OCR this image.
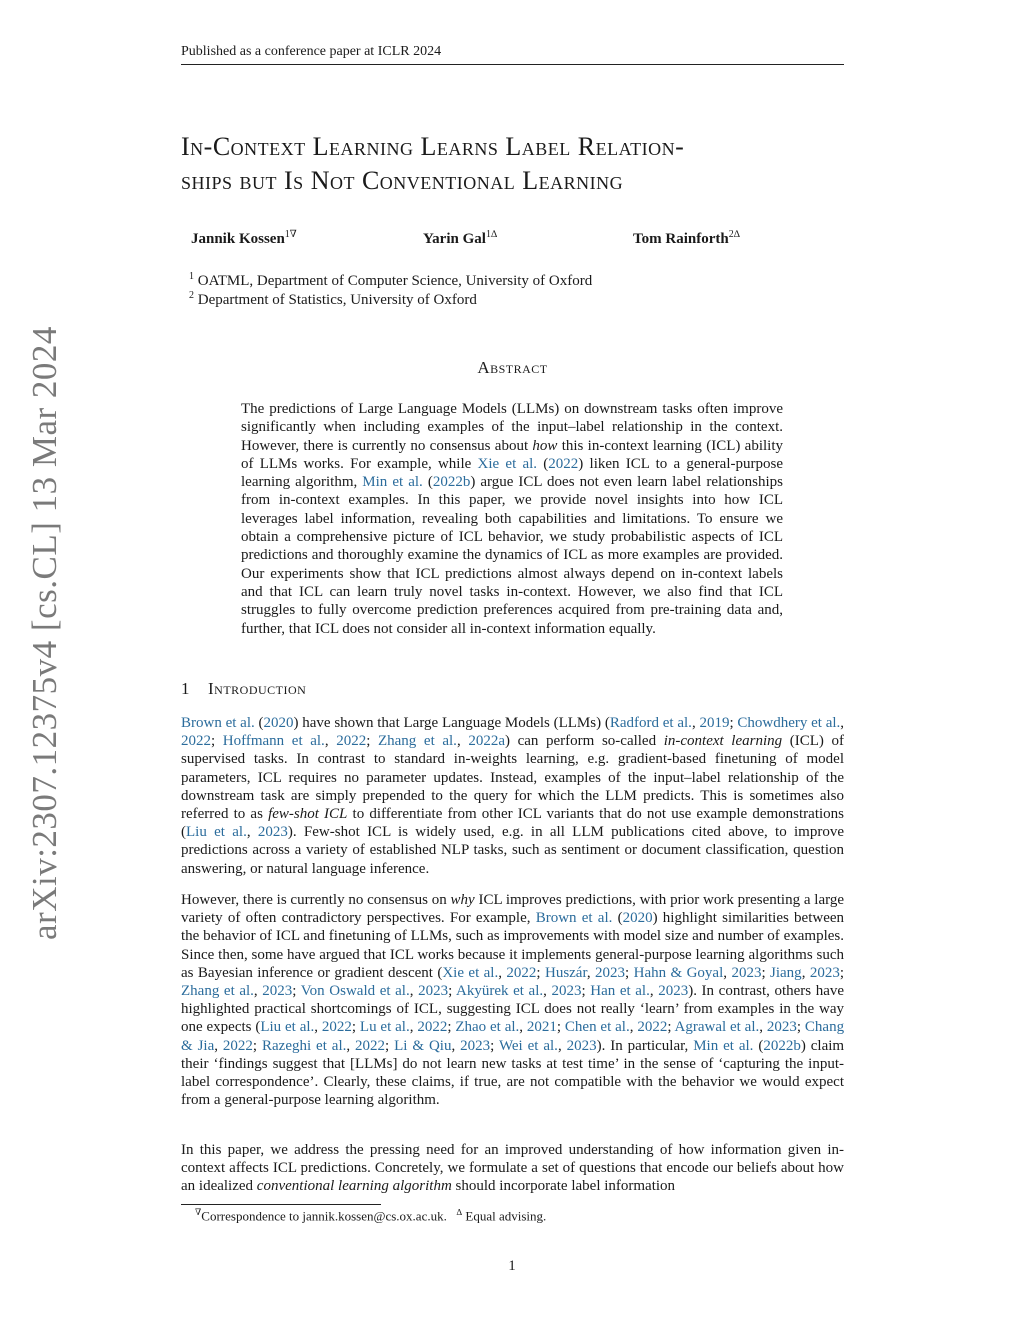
Published as a conference paper at ICLR 2024
In-Context Learning Learns Label Relation-
ships but Is Not Conventional Learning
Jannik Kossen$^{1\nabla}$	Yarin Gal$^{1\Delta}$	Tom Rainforth$^{2\Delta}$
$^1$ OATML, Department of Computer Science, University of Oxford
$^2$ Department of Statistics, University of Oxford
Abstract

The predictions of Large Language Models (LLMs) on downstream tasks often improve significantly when including examples of the input–label relationship in the context. However, there is currently no consensus about how this in-context learning (ICL) ability of LLMs works. For example, while Xie et al. (2022) liken ICL to a general-purpose learning algorithm, Min et al. (2022b) argue ICL does not even learn label relationships from in-context examples. In this paper, we provide novel insights into how ICL leverages label information, revealing both capabilities and limitations. To ensure we obtain a comprehensive picture of ICL behavior, we study probabilistic aspects of ICL predictions and thoroughly examine the dynamics of ICL as more examples are provided. Our experiments show that ICL predictions almost always depend on in-context labels and that ICL can learn truly novel tasks in-context. However, we also find that ICL struggles to fully overcome prediction preferences acquired from pre-training data and, further, that ICL does not consider all in-context information equally.

arXiv:2307.12375v4 [cs.CL] 13 Mar 2024	1 Introduction

Brown et al. (2020) have shown that Large Language Models (LLMs) (Radford et al., 2019; Chowdhery et al., 2022; Hoffmann et al., 2022; Zhang et al., 2022a) can perform so-called in-context learning (ICL) of supervised tasks. In contrast to standard in-weights learning, e.g. gradient-based finetuning of model parameters, ICL requires no parameter updates. Instead, examples of the input–label relationship of the downstream task are simply prepended to the query for which the LLM predicts. This is sometimes also referred to as few-shot ICL to differentiate from other ICL variants that do not use example demonstrations (Liu et al., 2023). Few-shot ICL is widely used, e.g. in all LLM publications cited above, to improve predictions across a variety of established NLP tasks, such as sentiment or document classification, question answering, or natural language inference.

However, there is currently no consensus on why ICL improves predictions, with prior work presenting a large variety of often contradictory perspectives. For example, Brown et al. (2020) highlight similarities between the behavior of ICL and finetuning of LLMs, such as improvements with model size and number of examples. Since then, some have argued that ICL works because it implements general-purpose learning algorithms such as Bayesian inference or gradient descent (Xie et al., 2022; Huszár, 2023; Hahn & Goyal, 2023; Jiang, 2023; Zhang et al., 2023; Von Oswald et al., 2023; Akyürek et al., 2023; Han et al., 2023). In contrast, others have highlighted practical shortcomings of ICL, suggesting ICL does not really ‘learn’ from examples in the way one expects (Liu et al., 2022; Lu et al., 2022; Zhao et al., 2021; Chen et al., 2022; Agrawal et al., 2023; Chang & Jia, 2022; Razeghi et al., 2022; Li & Qiu, 2023; Wei et al., 2023). In particular, Min et al. (2022b) claim their ‘findings suggest that [LLMs] do not learn new tasks at test time’ in the sense of ‘capturing the input-label correspondence’. Clearly, these claims, if true, are not compatible with the behavior we would expect from a general-purpose learning algorithm.

In this paper, we address the pressing need for an improved understanding of how information given in-context affects ICL predictions. Concretely, we formulate a set of questions that encode our beliefs about how an idealized conventional learning algorithm should incorporate label information

∇Correspondence to jannik.kossen@cs.ox.ac.uk. ∆ Equal advising.
1
